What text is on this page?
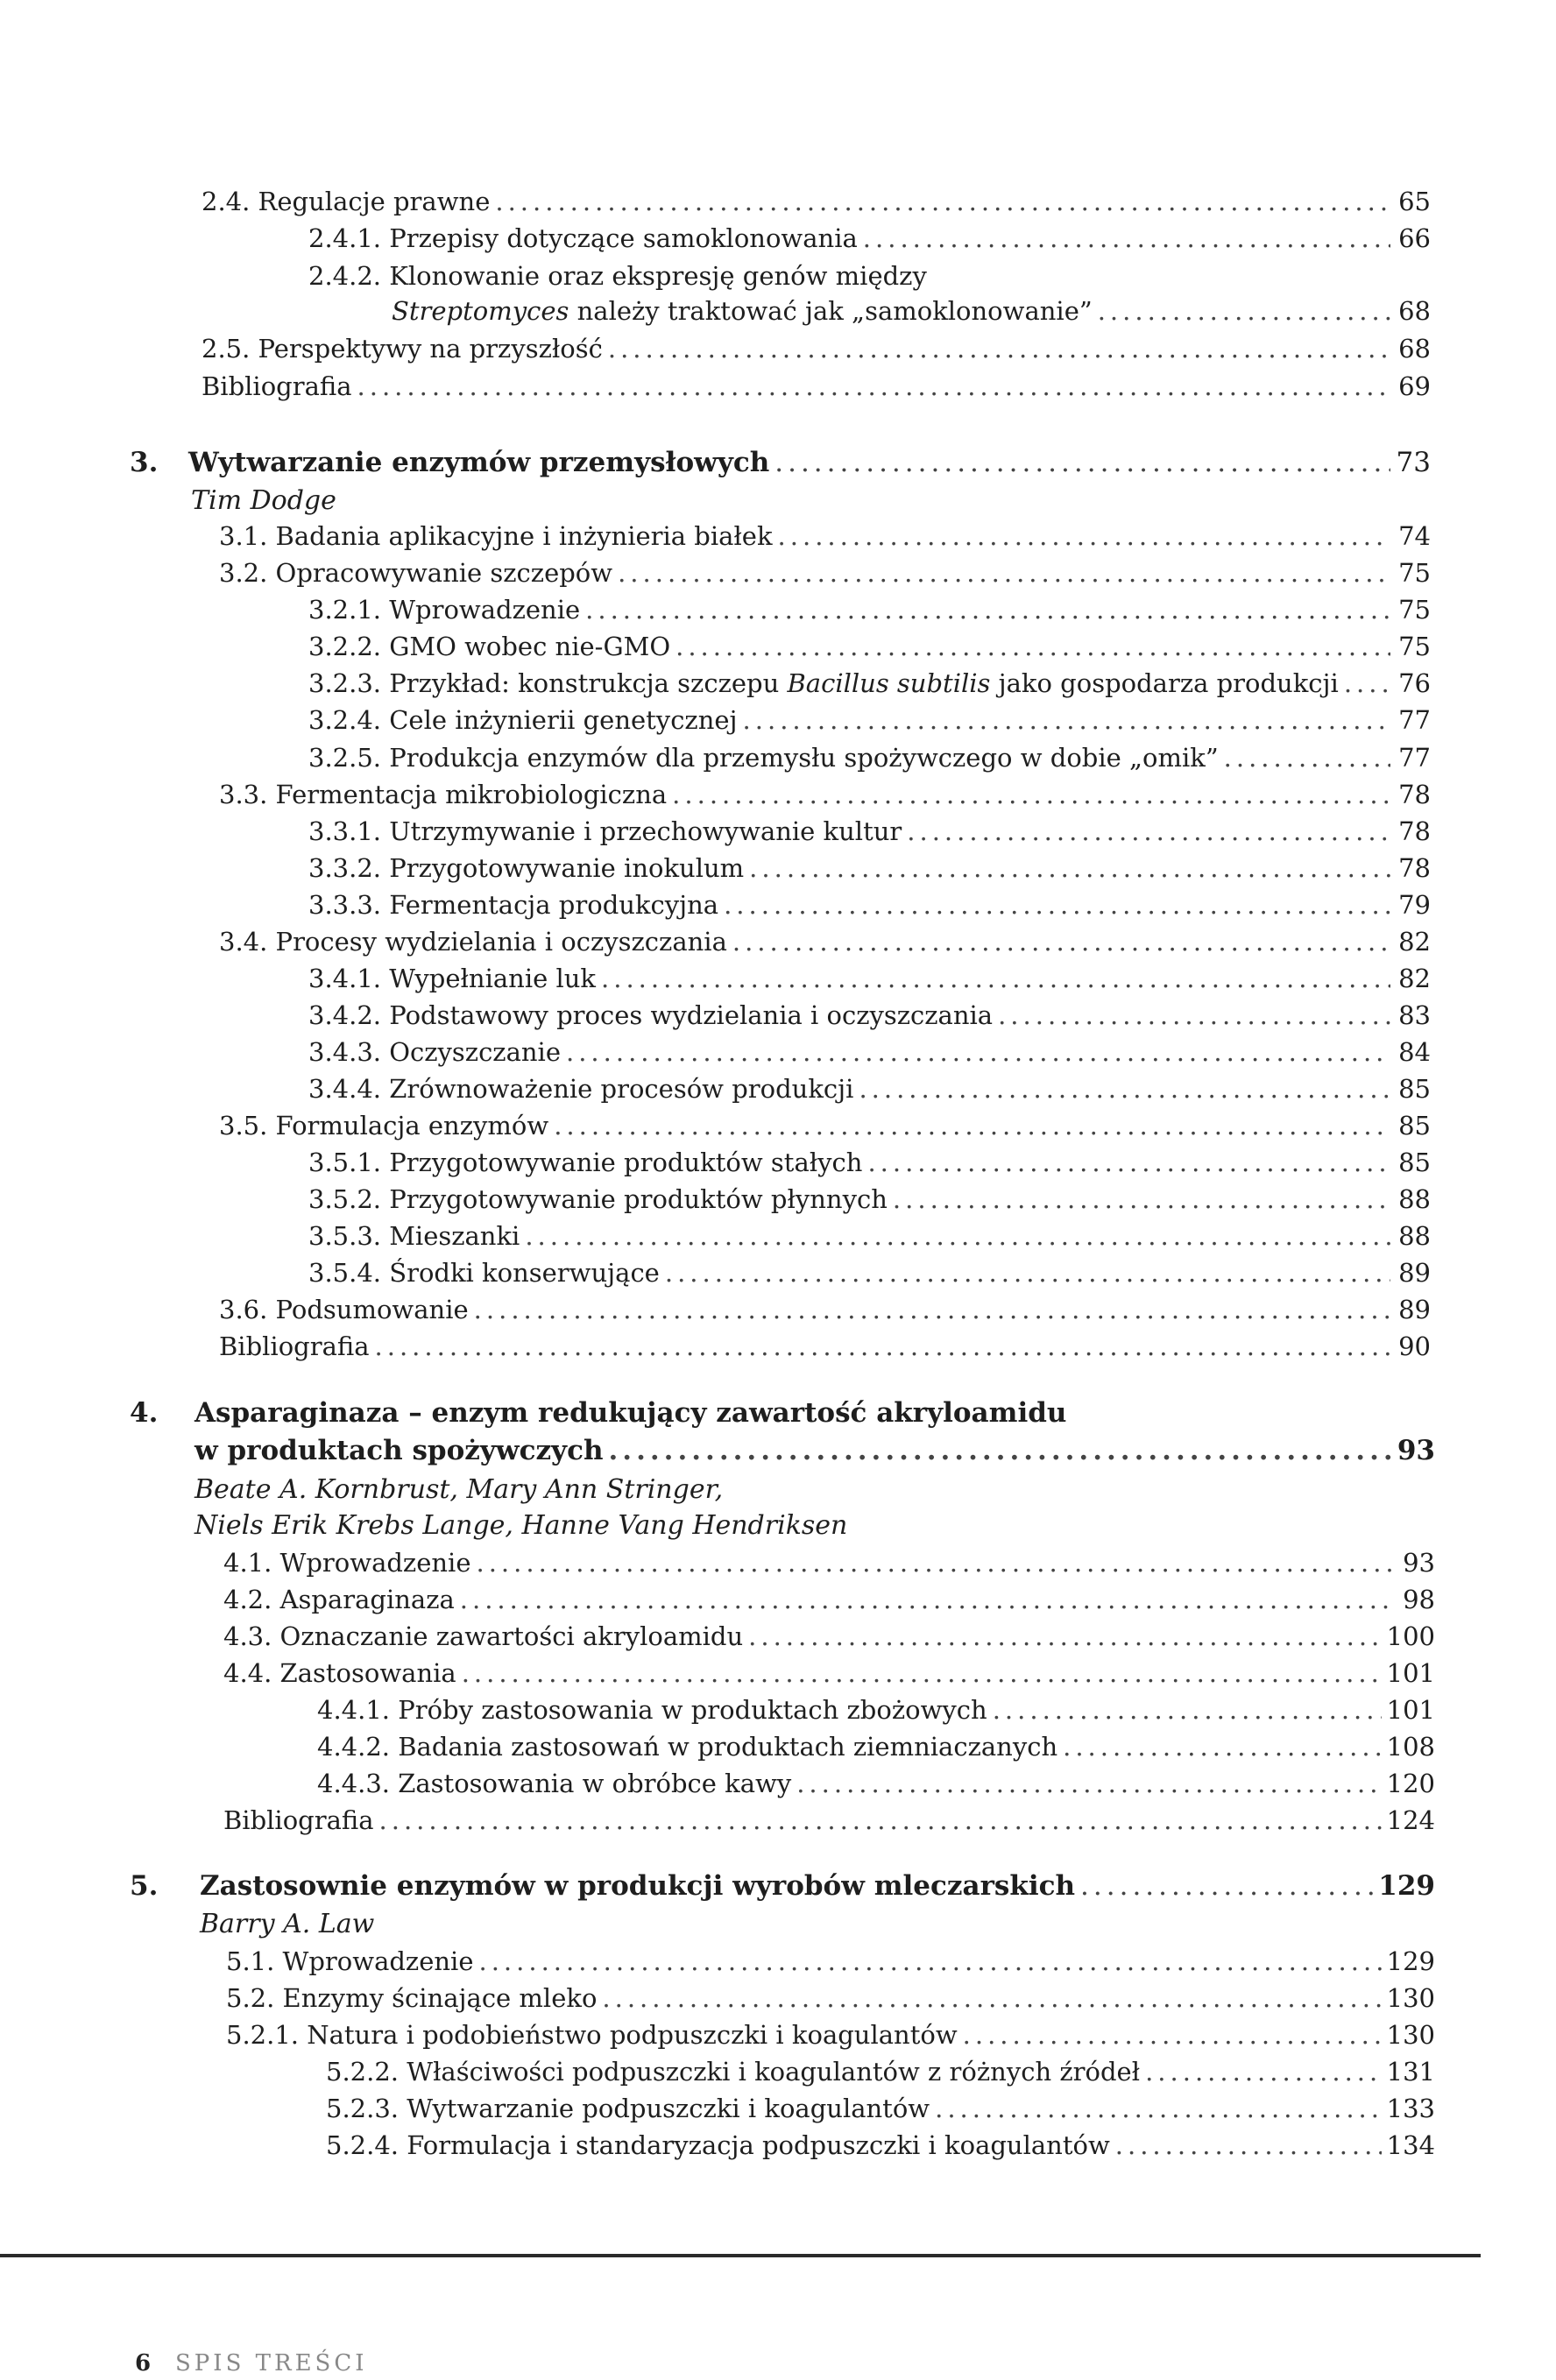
2.4. Regulacje prawne .....	65
2.4.1. Przepisy dotyczące samoklonowania .....	66
2.4.2. Klonowanie oraz ekspresję genów między
Streptomyces należy traktować jak „samoklonowanie” .....	68
2.5. Perspektywy na przyszłość .....	68
Bibliografia .....	69
3. Wytwarzanie enzymów przemysłowych .....	73
Tim Dodge
3.1. Badania aplikacyjne i inżynieria białek .....	74
3.2. Opracowywanie szczepów .....	75
3.2.1. Wprowadzenie .....	75
3.2.2. GMO wobec nie-GMO .....	75
3.2.3. Przykład: konstrukcja szczepu Bacillus subtilis jako gospodarza produkcji ..... 76
3.2.4. Cele inżynierii genetycznej .....	77
3.2.5. Produkcja enzymów dla przemysłu spożywczego w dobie „omik” .....	77
3.3. Fermentacja mikrobiologiczna .....	78
3.3.1. Utrzymywanie i przechowywanie kultur .....	78
3.3.2. Przygotowywanie inokulum .....	78
3.3.3. Fermentacja produkcyjna .....	79
3.4. Procesy wydzielania i oczyszczania .....	82
3.4.1. Wypełnianie luk .....	82
3.4.2. Podstawowy proces wydzielania i oczyszczania .....	83
3.4.3. Oczyszczanie .....	84
3.4.4. Zrównoważenie procesów produkcji .....	85
3.5. Formulacja enzymów .....	85
3.5.1. Przygotowywanie produktów stałych .....	85
3.5.2. Przygotowywanie produktów płynnych .....	88
3.5.3. Mieszanki .....	88
3.5.4. Środki konserwujące .....	89
3.6. Podsumowanie .....	89
Bibliografia .....	90
4. Asparaginaza – enzym redukujący zawartość akryloamidu
w produktach spożywczych .....	93
Beate A. Kornbrust, Mary Ann Stringer,
Niels Erik Krebs Lange, Hanne Vang Hendriksen
4.1. Wprowadzenie .....	93
4.2. Asparaginaza .....	98
4.3. Oznaczanie zawartości akryloamidu .....	100
4.4. Zastosowania .....	101
4.4.1. Próby zastosowania w produktach zbożowych .....	101
4.4.2. Badania zastosowań w produktach ziemniaczanych .....	108
4.4.3. Zastosowania w obróbce kawy .....	120
Bibliografia .....	124
5. Zastosownie enzymów w produkcji wyrobów mleczarskich .....	129
Barry A. Law
5.1. Wprowadzenie .....	129
5.2. Enzymy ścinające mleko .....	130
5.2.1. Natura i podobieństwo podpuszczki i koagulantów .....	130
5.2.2. Właściwości podpuszczki i koagulantów z różnych źródeł .....	131
5.2.3. Wytwarzanie podpuszczki i koagulantów .....	133
5.2.4. Formulacja i standaryzacja podpuszczki i koagulantów .....	134
6 SPIS TREŚCI
